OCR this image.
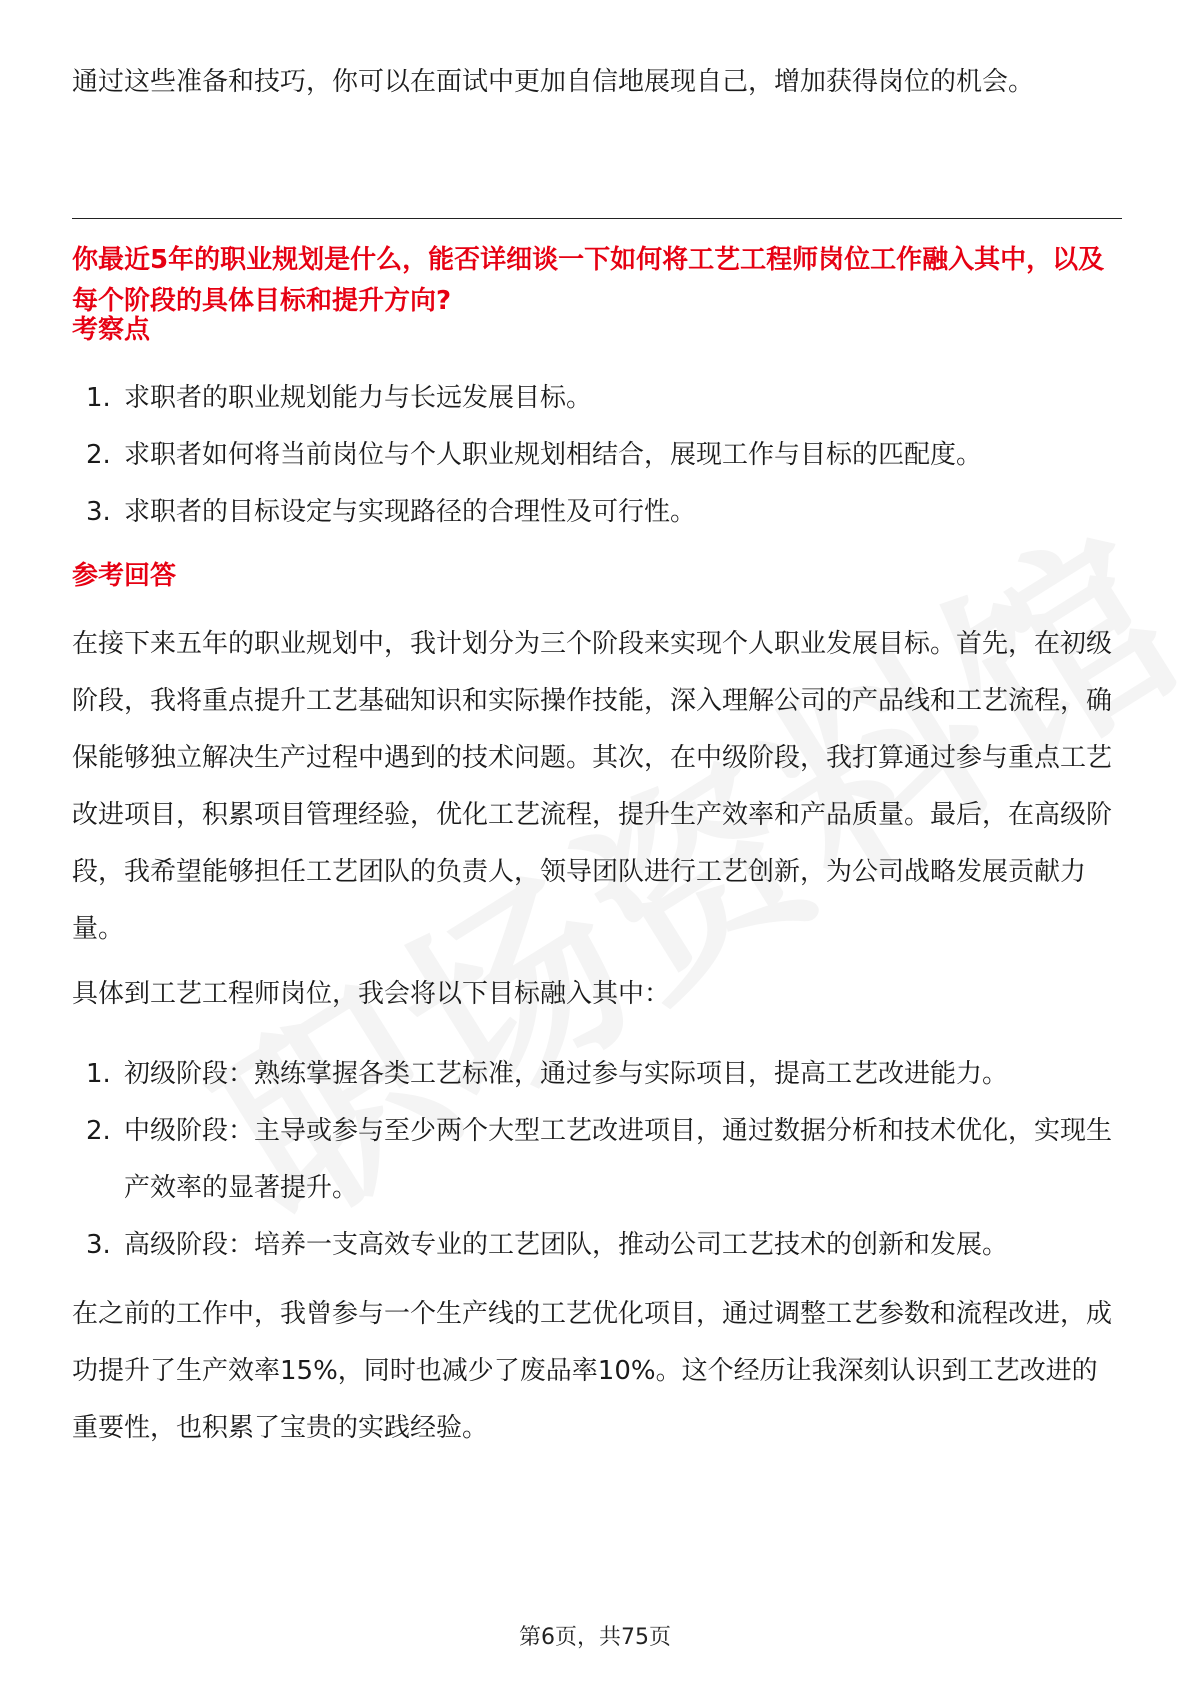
通过这些准备和技巧，你可以在面试中更加自信地展现自己，增加获得岗位的机会。

你最近5年的职业规划是什么，能否详细谈一下如何将工艺工程师岗位工作融入其中，以及每个阶段的具体目标和提升方向?

考察点

1. 求职者的职业规划能力与长远发展目标。
2. 求职者如何将当前岗位与个人职业规划相结合，展现工作与目标的匹配度。
3. 求职者的目标设定与实现路径的合理性及可行性。

参考回答

在接下来五年的职业规划中，我计划分为三个阶段来实现个人职业发展目标。首先，在初级阶段，我将重点提升工艺基础知识和实际操作技能，深入理解公司的产品线和工艺流程，确保能够独立解决生产过程中遇到的技术问题。其次，在中级阶段，我打算通过参与重点工艺改进项目，积累项目管理经验，优化工艺流程，提升生产效率和产品质量。最后，在高级阶段，我希望能够担任工艺团队的负责人，领导团队进行工艺创新，为公司战略发展贡献力量。

具体到工艺工程师岗位，我会将以下目标融入其中：

1. 初级阶段：熟练掌握各类工艺标准，通过参与实际项目，提高工艺改进能力。
2. 中级阶段：主导或参与至少两个大型工艺改进项目，通过数据分析和技术优化，实现生产效率的显著提升。
3. 高级阶段：培养一支高效专业的工艺团队，推动公司工艺技术的创新和发展。

在之前的工作中，我曾参与一个生产线的工艺优化项目，通过调整工艺参数和流程改进，成功提升了生产效率15%，同时也减少了废品率10%。这个经历让我深刻认识到工艺改进的重要性，也积累了宝贵的实践经验。

第6页，共75页
